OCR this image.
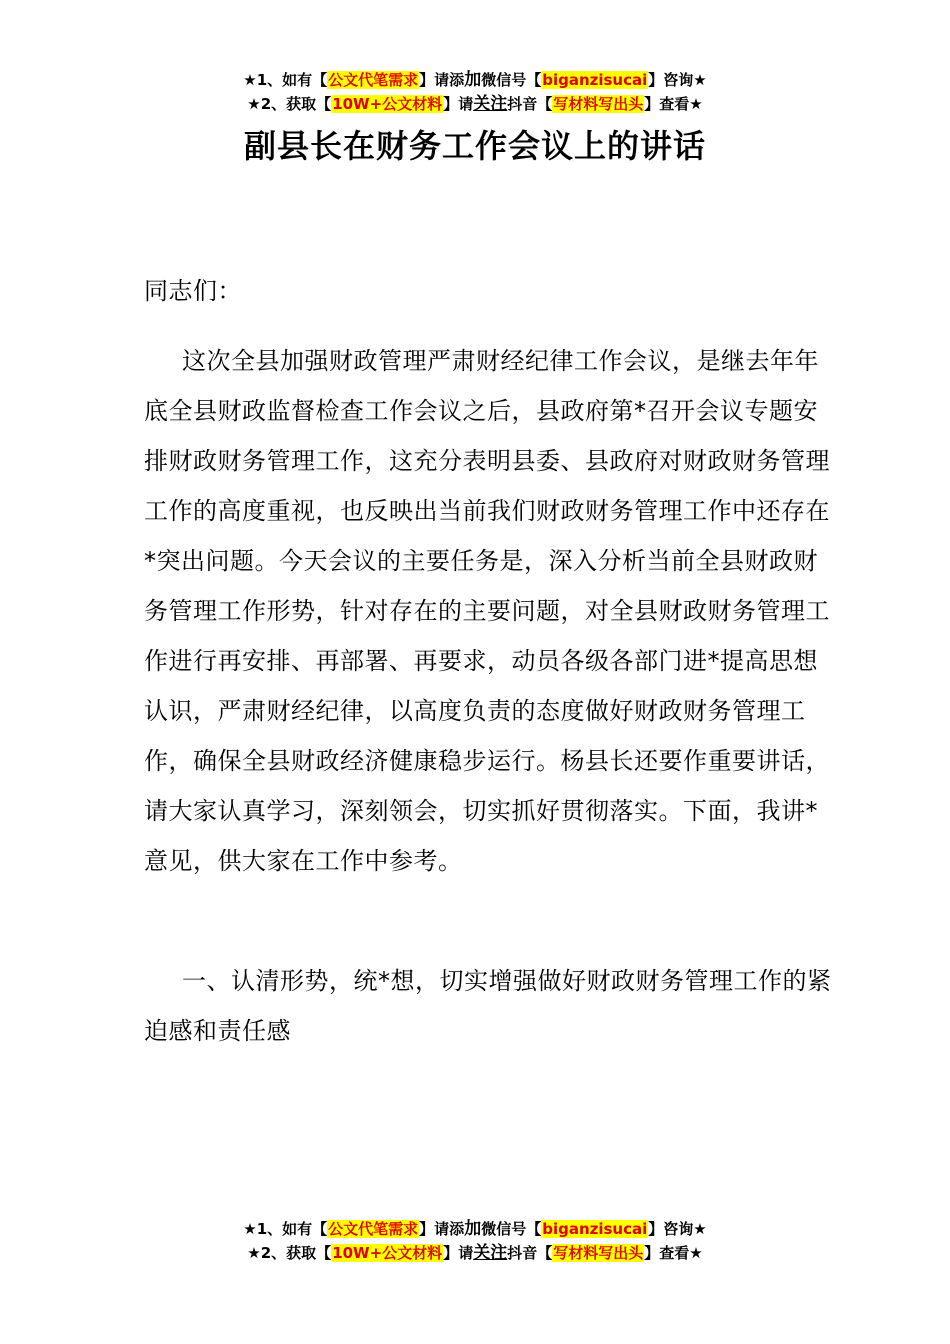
★1、如有【公文代笔需求】请添加微信号【biganzisucai】咨询★
★2、获取【10W+公文材料】请关注抖音【写材料写出头】查看★
副县长在财务工作会议上的讲话
同志们：
这次全县加强财政管理严肃财经纪律工作会议，是继去年年底全县财政监督检查工作会议之后，县政府第*召开会议专题安排财政财务管理工作，这充分表明县委、县政府对财政财务管理工作的高度重视，也反映出当前我们财政财务管理工作中还存在*突出问题。今天会议的主要任务是，深入分析当前全县财政财务管理工作形势，针对存在的主要问题，对全县财政财务管理工作进行再安排、再部署、再要求，动员各级各部门进*提高思想认识，严肃财经纪律，以高度负责的态度做好财政财务管理工作，确保全县财政经济健康稳步运行。杨县长还要作重要讲话，请大家认真学习，深刻领会，切实抓好贯彻落实。下面，我讲*意见，供大家在工作中参考。
一、认清形势，统*想，切实增强做好财政财务管理工作的紧迫感和责任感
★1、如有【公文代笔需求】请添加微信号【biganzisucai】咨询★
★2、获取【10W+公文材料】请关注抖音【写材料写出头】查看★
